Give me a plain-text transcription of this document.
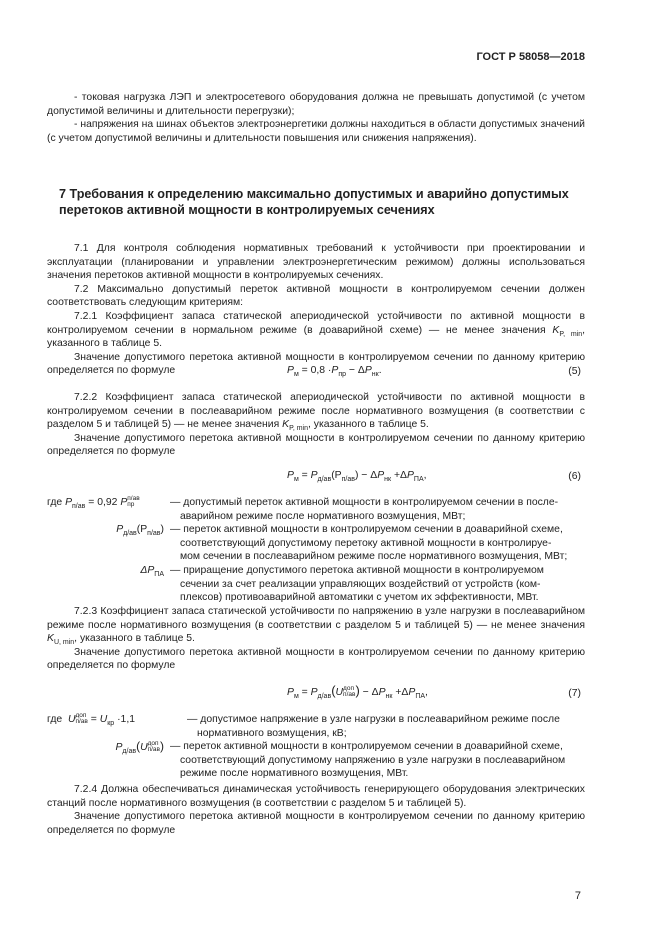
ГОСТ Р 58058—2018

- токовая нагрузка ЛЭП и электросетевого оборудования должна не превышать допустимой (с учетом допустимой величины и длительности перегрузки);

- напряжения на шинах объектов электроэнергетики должны находиться в области допустимых значений (с учетом допустимой величины и длительности повышения или снижения напряжения).

7 Требования к определению максимально допустимых и аварийно допустимых перетоков активной мощности в контролируемых сечениях

7.1 Для контроля соблюдения нормативных требований к устойчивости при проектировании и эксплуатации (планировании и управлении электроэнергетическим режимом) должны использоваться значения перетоков активной мощности в контролируемых сечениях.

7.2 Максимально допустимый переток активной мощности в контролируемом сечении должен соответствовать следующим критериям:

7.2.1 Коэффициент запаса статической апериодической устойчивости по активной мощности в контролируемом сечении в нормальном режиме (в доаварийной схеме) — не менее значения $K_{P, min}$, указанного в таблице 5.

Значение допустимого перетока активной мощности в контролируемом сечении по данному критерию определяется по формуле	$P_м = 0,8 \cdot P_{пр} - \Delta P_{нк}$.	(5)

7.2.2 Коэффициент запаса статической апериодической устойчивости по активной мощности в контролируемом сечении в послеаварийном режиме после нормативного возмущения (в соответствии с разделом 5 и таблицей 5) — не менее значения $K_{P, min}$, указанного в таблице 5.

Значение допустимого перетока активной мощности в контролируемом сечении по данному критерию определяется по формуле

$P_м = P_{д/ав}(P_{п/ав}) - \Delta P_{нк} +\Delta P_{ПА}$,	(6)
где $P_{п/ав} = 0,92$ Pп/ав
пр	— допустимый переток активной мощности в контролируемом сечении в после-
аварийном режиме после нормативного возмущения, МВт;
$P_{д/ав}(P_{п/ав})$ — переток активной мощности в контролируемом сечении в доаварийной схеме,
соответствующий допустимому перетоку активной мощности в контролируе-
мом сечении в послеаварийном режиме после нормативного возмущения, МВт;
$\Delta P_{ПА}$ — приращение допустимого перетока активной мощности в контролируемом
сечении за счет реализации управляющих воздействий от устройств (ком-
плексов) противоаварийной автоматики с учетом их эффективности, МВт.

7.2.3 Коэффициент запаса статической устойчивости по напряжению в узле нагрузки в послеаварийном режиме после нормативного возмущения (в соответствии с разделом 5 и таблицей 5) — не менее значения $K_{U, min}$, указанного в таблице 5.

Значение допустимого перетока активной мощности в контролируемом сечении по данному критерию определяется по формуле

$P_м$ = $P_{д/ав}(Uдоп$
$п/ав) - \Delta P_{нк} +\Delta P_{ПА}$,	(7)
где Uдоп
$п/ав = U_{кр} \cdot 1,1$	— допустимое напряжение в узле нагрузки в послеаварийном режиме после
нормативного возмущения, кВ;
$P_{д/ав}(Uдоп$
п/ав) — переток активной мощности в контролируемом сечении в доаварийной схеме,
соответствующий допустимому напряжению в узле нагрузки в послеаварийном
режиме после нормативного возмущения, МВт.

7.2.4 Должна обеспечиваться динамическая устойчивость генерирующего оборудования электрических станций после нормативного возмущения (в соответствии с разделом 5 и таблицей 5).

Значение допустимого перетока активной мощности в контролируемом сечении по данному критерию определяется по формуле

7
